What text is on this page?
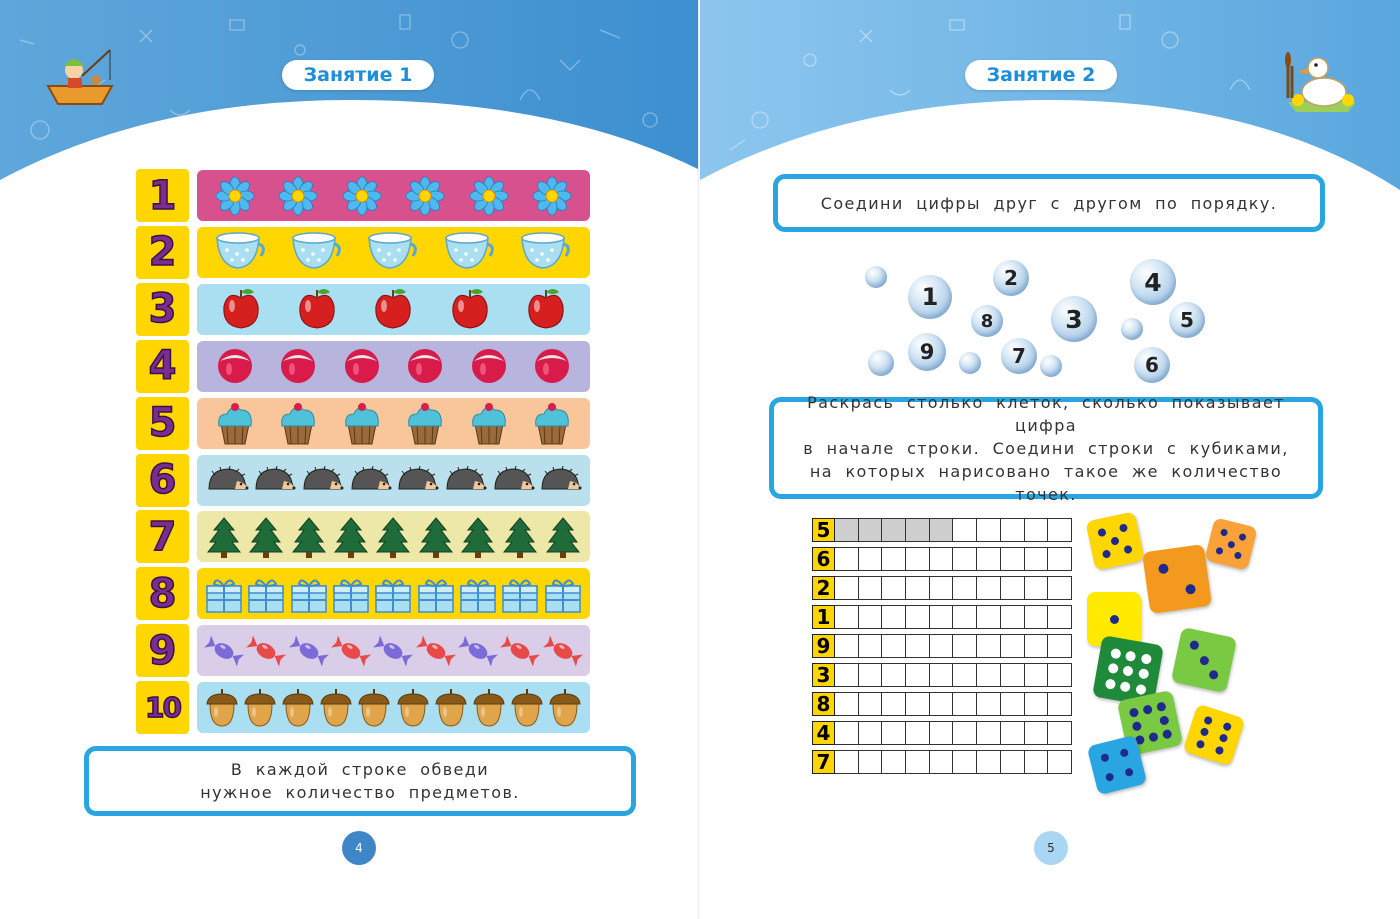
Занятие 1
1
2
3
4
5
6
7
8
9
10
В каждой строке обведи
нужное количество предметов.
4
Занятие 2
Соедини цифры друг с другом по порядку.
Раскрась столько клеток, сколько показывает цифра
в начале строки. Соедини строки с кубиками,
на которых нарисовано такое же количество точек.
5
1
2
3
4
5
6
7
8
9
5
6
2
1
9
3
8
4
7
